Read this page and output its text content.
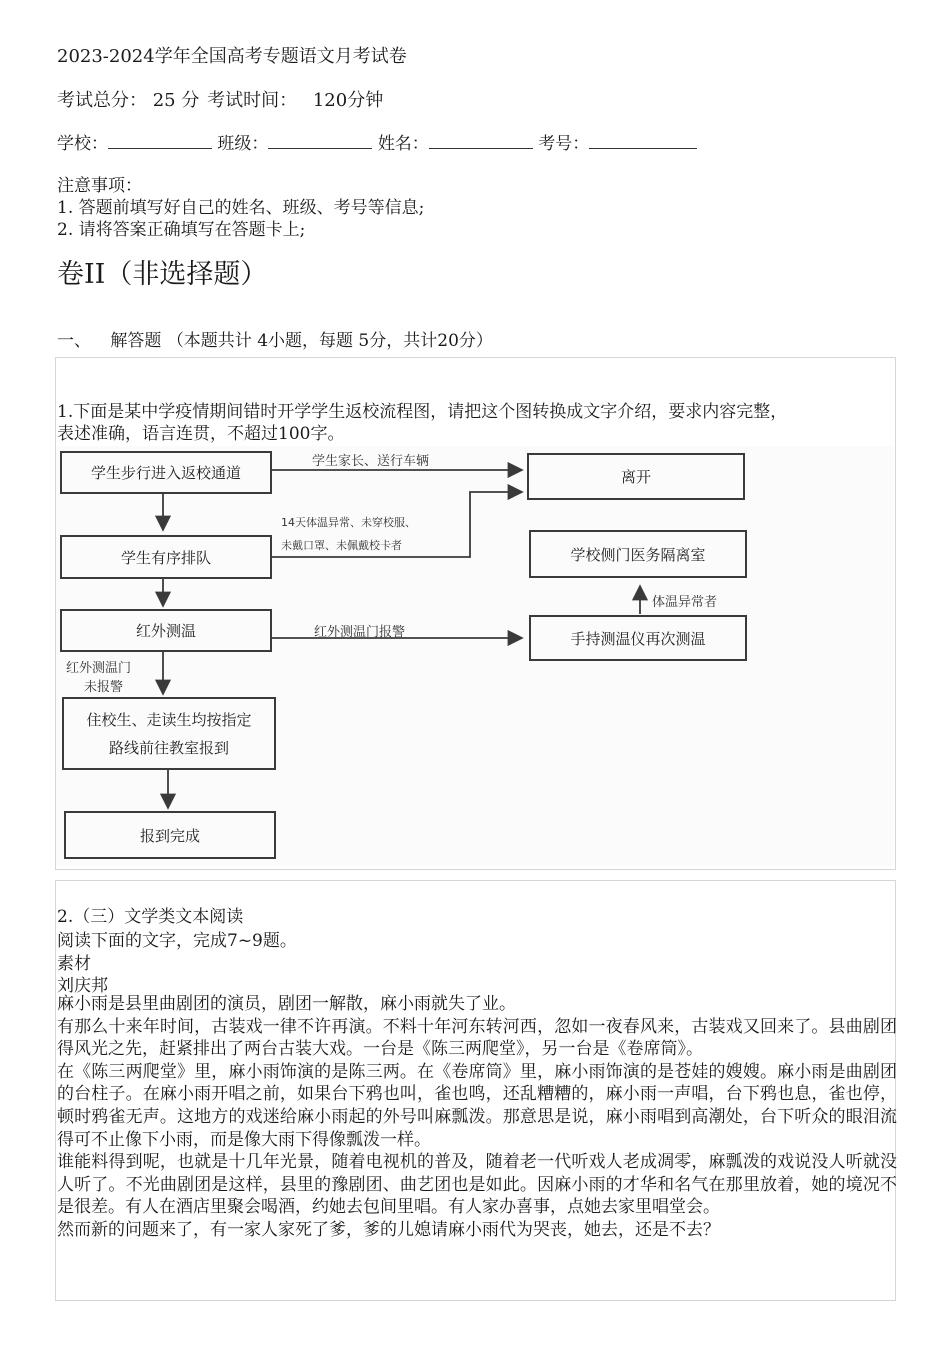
2023-2024学年全国高考专题语文月考试卷
考试总分： 25 分 考试时间： 120分钟
学校：	班级：	姓名：	考号：
注意事项：
1. 答题前填写好自己的姓名、班级、考号等信息;
2. 请将答案正确填写在答题卡上;
卷II（非选择题）
一、 解答题 （本题共计 4小题，每题 5分，共计20分）
1.下面是某中学疫情期间错时开学学生返校流程图，请把这个图转换成文字介绍，要求内容完整，
表述准确，语言连贯，不超过100字。
学生步行进入返校通道
学生有序排队
红外测温
住校生、走读生均按指定路线前往教室报到
报到完成
离开
学校侧门医务隔离室
手持测温仪再次测温
学生家长、送行车辆
14天体温异常、未穿校服、
未戴口罩、未佩戴校卡者
红外测温门报警
红外测温门
未报警
体温异常者
2.（三）文学类文本阅读
阅读下面的文字，完成7~9题。
素材
刘庆邦

麻小雨是县里曲剧团的演员，剧团一解散，麻小雨就失了业。

有那么十来年时间，古装戏一律不许再演。不料十年河东转河西，忽如一夜春风来，古装戏又回来了。县曲剧团得风光之先，赶紧排出了两台古装大戏。一台是《陈三两爬堂》，另一台是《卷席筒》。

在《陈三两爬堂》里，麻小雨饰演的是陈三两。在《卷席筒》里，麻小雨饰演的是苍娃的嫂嫂。麻小雨是曲剧团的台柱子。在麻小雨开唱之前，如果台下鸦也叫，雀也鸣，还乱糟糟的，麻小雨一声唱，台下鸦也息，雀也停，顿时鸦雀无声。这地方的戏迷给麻小雨起的外号叫麻瓢泼。那意思是说，麻小雨唱到高潮处，台下听众的眼泪流得可不止像下小雨，而是像大雨下得像瓢泼一样。

谁能料得到呢，也就是十几年光景，随着电视机的普及，随着老一代听戏人老成凋零，麻瓢泼的戏说没人听就没人听了。不光曲剧团是这样，县里的豫剧团、曲艺团也是如此。因麻小雨的才华和名气在那里放着，她的境况不是很差。有人在酒店里聚会喝酒，约她去包间里唱。有人家办喜事，点她去家里唱堂会。

然而新的问题来了，有一家人家死了爹，爹的儿媳请麻小雨代为哭丧，她去，还是不去？
